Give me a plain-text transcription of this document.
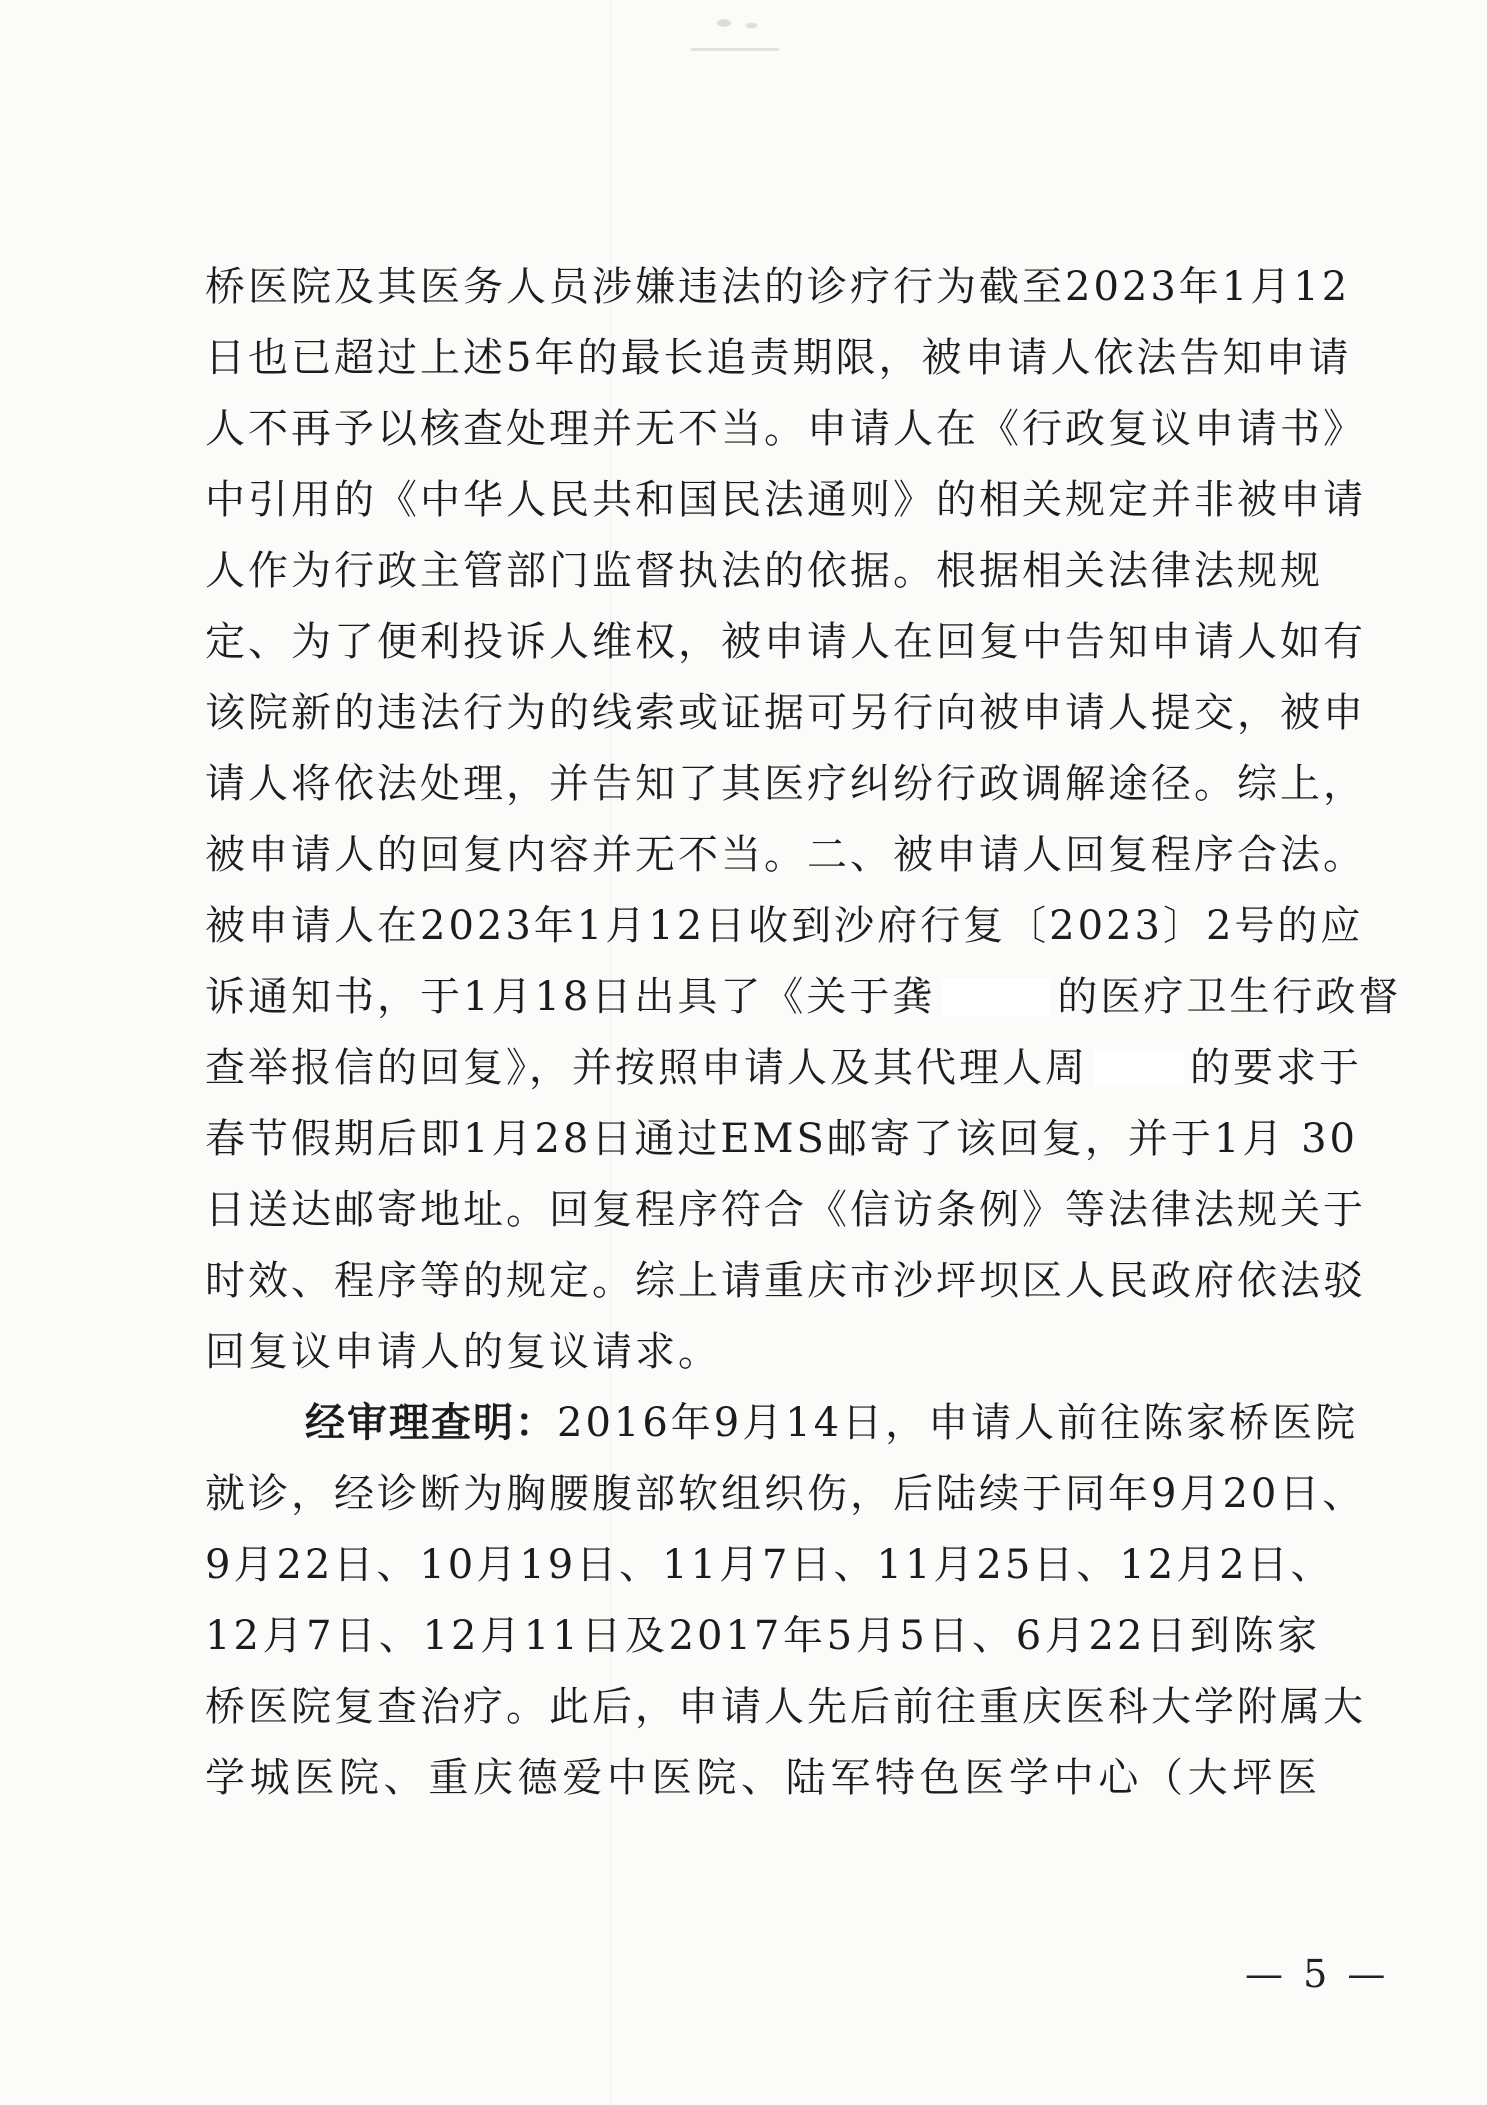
桥医院及其医务人员涉嫌违法的诊疗行为截至2023年1月12
日也已超过上述5年的最长追责期限，被申请人依法告知申请
人不再予以核查处理并无不当。申请人在《行政复议申请书》
中引用的《中华人民共和国民法通则》的相关规定并非被申请
人作为行政主管部门监督执法的依据。根据相关法律法规规
定、为了便利投诉人维权，被申请人在回复中告知申请人如有
该院新的违法行为的线索或证据可另行向被申请人提交，被申
请人将依法处理，并告知了其医疗纠纷行政调解途径。综上，
被申请人的回复内容并无不当。二、被申请人回复程序合法。
被申请人在2023年1月12日收到沙府行复〔2023〕2号的应
诉通知书，于1月18日出具了《关于龚	的医疗卫生行政督
查举报信的回复》，并按照申请人及其代理人周	的要求于
春节假期后即1月28日通过EMS邮寄了该回复，并于1月 30
日送达邮寄地址。回复程序符合《信访条例》等法律法规关于
时效、程序等的规定。综上请重庆市沙坪坝区人民政府依法驳
回复议申请人的复议请求。
经审理查明：2016年9月14日，申请人前往陈家桥医院
就诊，经诊断为胸腰腹部软组织伤，后陆续于同年9月20日、
9月22日、10月19日、11月7日、11月25日、12月2日、
12月7日、12月11日及2017年5月5日、6月22日到陈家
桥医院复查治疗。此后，申请人先后前往重庆医科大学附属大
学城医院、重庆德爱中医院、陆军特色医学中心（大坪医
— 5 —
